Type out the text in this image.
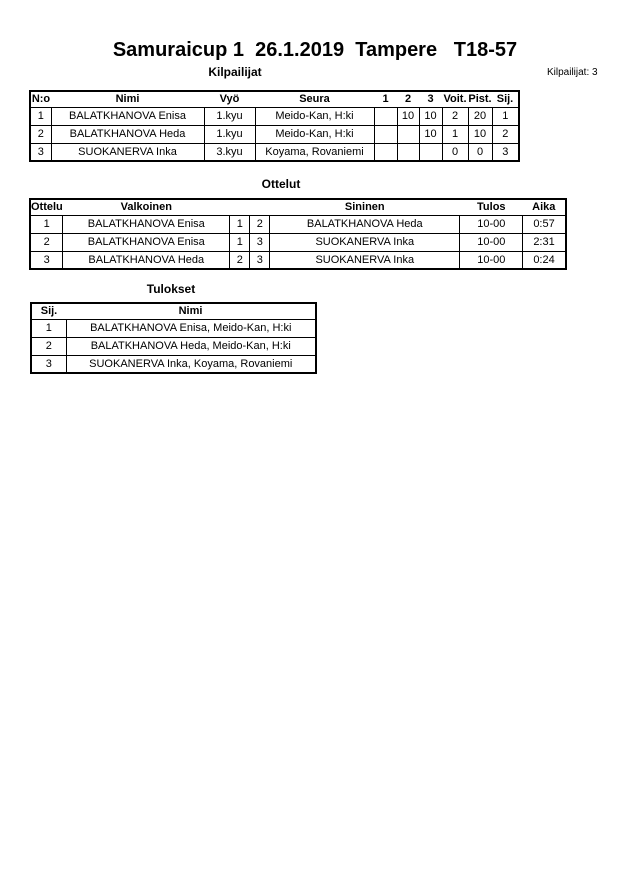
Samuraicup 1  26.1.2019  Tampere   T18-57
Kilpailijat	Kilpailijat: 3
N:o	Nimi	Vyö	Seura	1	2	3	Voit.	Pist.	Sij.
1	BALATKHANOVA Enisa	1.kyu	Meido-Kan, H:ki		10	10	2	20	1
2	BALATKHANOVA Heda	1.kyu	Meido-Kan, H:ki			10	1	10	2
3	SUOKANERVA Inka	3.kyu	Koyama, Rovaniemi				0	0	3
Ottelut
Ottelu	Valkoinen			Sininen	Tulos	Aika
1	BALATKHANOVA Enisa	1	2	BALATKHANOVA Heda	10-00	0:57
2	BALATKHANOVA Enisa	1	3	SUOKANERVA Inka	10-00	2:31
3	BALATKHANOVA Heda	2	3	SUOKANERVA Inka	10-00	0:24
Tulokset
Sij.	Nimi
1	BALATKHANOVA Enisa, Meido-Kan, H:ki
2	BALATKHANOVA Heda, Meido-Kan, H:ki
3	SUOKANERVA Inka, Koyama, Rovaniemi
